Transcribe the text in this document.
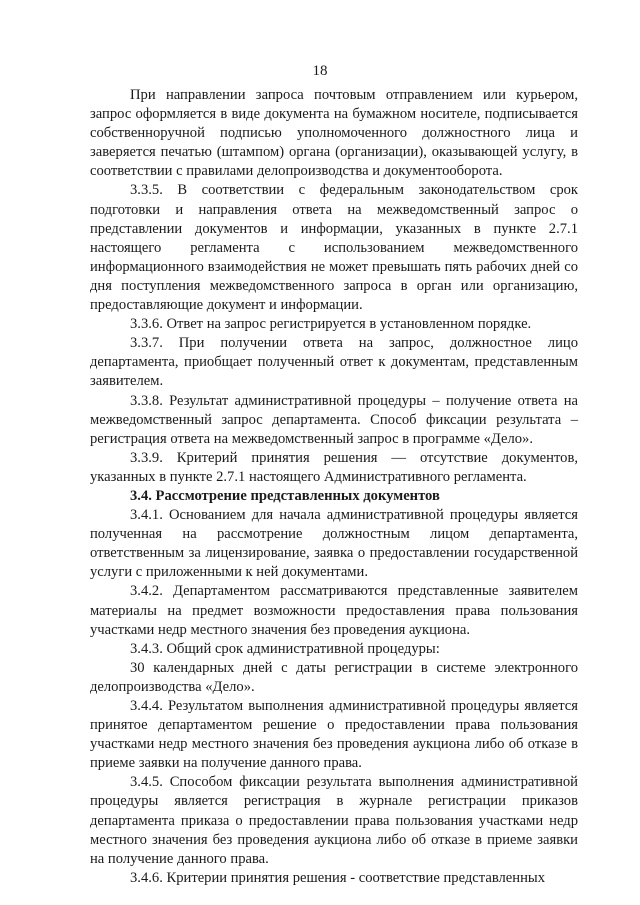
18

При направлении запроса почтовым отправлением или курьером, запрос оформляется в виде документа на бумажном носителе, подписывается собственноручной подписью уполномоченного должностного лица и заверяется печатью (штампом) органа (организации), оказывающей услугу, в соответствии с правилами делопроизводства и документооборота.

3.3.5. В соответствии с федеральным законодательством срок подготовки и направления ответа на межведомственный запрос о представлении документов и информации, указанных в пункте 2.7.1 настоящего регламента с использованием межведомственного информационного взаимодействия не может превышать пять рабочих дней со дня поступления межведомственного запроса в орган или организацию, предоставляющие документ и информации.

3.3.6. Ответ на запрос регистрируется в установленном порядке.

3.3.7. При получении ответа на запрос, должностное лицо департамента, приобщает полученный ответ к документам, представленным заявителем.

3.3.8. Результат административной процедуры – получение ответа на межведомственный запрос департамента. Способ фиксации результата – регистрация ответа на межведомственный запрос в программе «Дело».

3.3.9. Критерий принятия решения — отсутствие документов, указанных в пункте 2.7.1 настоящего Административного регламента.

3.4. Рассмотрение представленных документов

3.4.1. Основанием для начала административной процедуры является полученная на рассмотрение должностным лицом департамента, ответственным за лицензирование, заявка о предоставлении государственной услуги с приложенными к ней документами.

3.4.2. Департаментом рассматриваются представленные заявителем материалы на предмет возможности предоставления права пользования участками недр местного значения без проведения аукциона.

3.4.3. Общий срок административной процедуры:

30 календарных дней с даты регистрации в системе электронного делопроизводства «Дело».

3.4.4. Результатом выполнения административной процедуры является принятое департаментом решение о предоставлении права пользования участками недр местного значения без проведения аукциона либо об отказе в приеме заявки на получение данного права.

3.4.5. Способом фиксации результата выполнения административной процедуры является регистрация в журнале регистрации приказов департамента приказа о предоставлении права пользования участками недр местного значения без проведения аукциона либо об отказе в приеме заявки на получение данного права.

3.4.6. Критерии принятия решения - соответствие представленных
